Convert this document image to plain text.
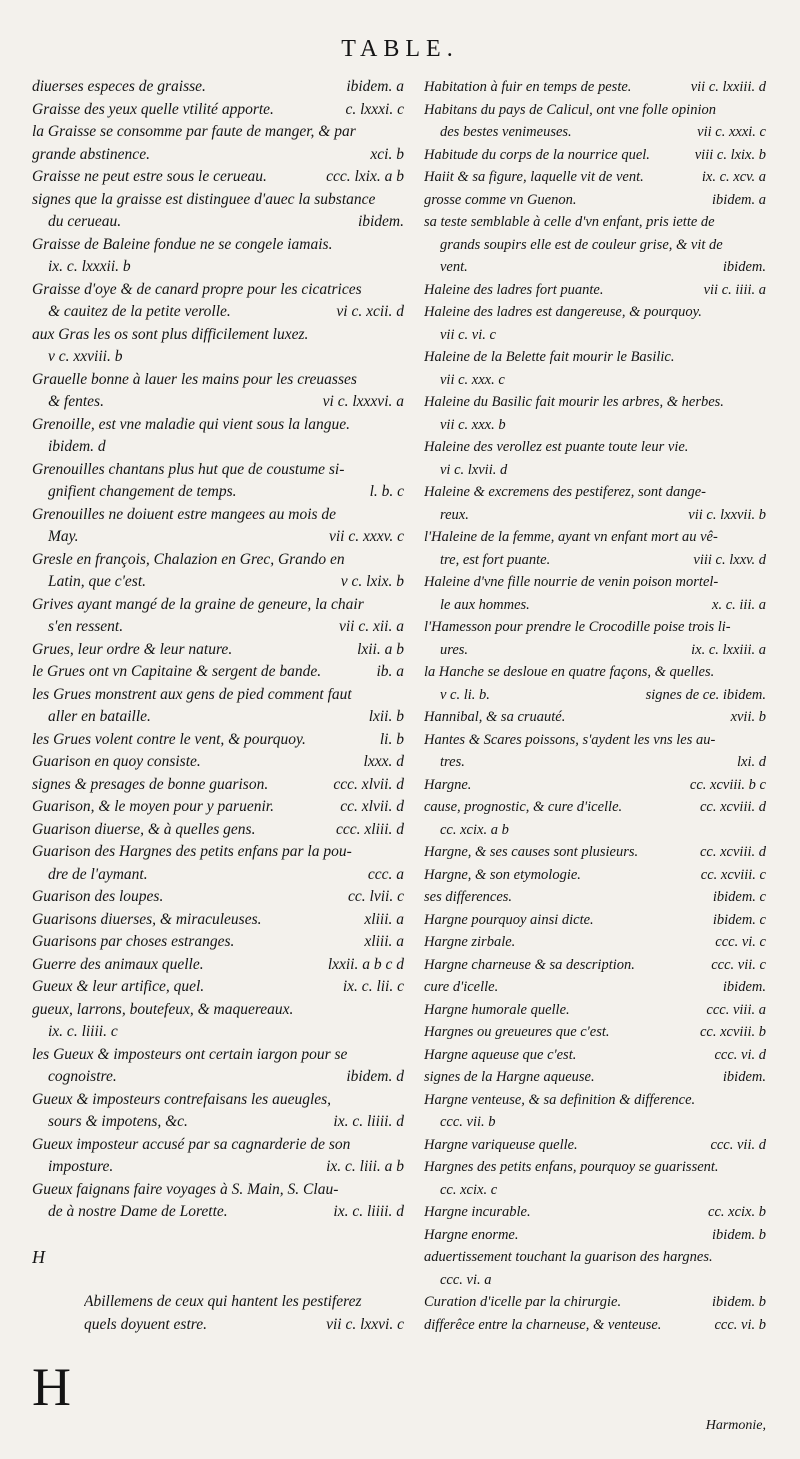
TABLE.
diuerses especes de graisse.	ibidem. a
Graisse des yeux quelle vtilité apporte.	c. lxxxi. c
la Graisse se consomme par faute de manger, & par
grande abstinence.	xci. b
Graisse ne peut estre sous le cerueau.	ccc. lxix. a b
signes que la graisse est distinguee d'auec la substance
du cerueau.	ibidem.
Graisse de Baleine fondue ne se congele iamais.
ix. c. lxxxii. b
Graisse d'oye & de canard propre pour les cicatrices
& cauitez de la petite verolle.	vi c. xcii. d
aux Gras les os sont plus difficilement luxez.
v c. xxviii. b
Grauelle bonne à lauer les mains pour les creuasses
& fentes.	vi c. lxxxvi. a
Grenoille, est vne maladie qui vient sous la langue.
ibidem. d
Grenouilles chantans plus hut que de coustume si-
gnifient changement de temps.	l. b. c
Grenouilles ne doiuent estre mangees au mois de
May.	vii c. xxxv. c
Gresle en françois, Chalazion en Grec, Grando en
Latin, que c'est.	v c. lxix. b
Grives ayant mangé de la graine de geneure, la chair
s'en ressent.	vii c. xii. a
Grues, leur ordre & leur nature.	lxii. a b
le Grues ont vn Capitaine & sergent de bande.	ib. a
les Grues monstrent aux gens de pied comment faut
aller en bataille.	lxii. b
les Grues volent contre le vent, & pourquoy.	li. b
Guarison en quoy consiste.	lxxx. d
signes & presages de bonne guarison.	ccc. xlvii. d
Guarison, & le moyen pour y paruenir.	cc. xlvii. d
Guarison diuerse, & à quelles gens.	ccc. xliii. d
Guarison des Hargnes des petits enfans par la pou-
dre de l'aymant.	ccc. a
Guarison des loupes.	cc. lvii. c
Guarisons diuerses, & miraculeuses.	xliii. a
Guarisons par choses estranges.	xliii. a
Guerre des animaux quelle.	lxxii. a b c d
Gueux & leur artifice, quel.	ix. c. lii. c
gueux, larrons, boutefeux, & maquereaux.
ix. c. liiii. c
les Gueux & imposteurs ont certain iargon pour se
cognoistre.	ibidem. d
Gueux & imposteurs contrefaisans les aueugles,
sours & impotens, &c.	ix. c. liiii. d
Gueux imposteur accusé par sa cagnarderie de son
imposture.	ix. c. liii. a b
Gueux faignans faire voyages à S. Main, S. Clau-
de à nostre Dame de Lorette.	ix. c. liiii. d
H
Abillemens de ceux qui hantent les pestiferez
quels doyuent estre.	vii c. lxxvi. c
Habitation à fuir en temps de peste.	vii c. lxxiii. d
Habitans du pays de Calicul, ont vne folle opinion
des bestes venimeuses.	vii c. xxxi. c
Habitude du corps de la nourrice quel.	viii c. lxix. b
Haiit & sa figure, laquelle vit de vent.	ix. c. xcv. a
grosse comme vn Guenon.	ibidem. a
sa teste semblable à celle d'vn enfant, pris iette de
grands soupirs elle est de couleur grise, & vit de
vent.	ibidem.
Haleine des ladres fort puante.	vii c. iiii. a
Haleine des ladres est dangereuse, & pourquoy.
vii c. vi. c
Haleine de la Belette fait mourir le Basilic.
vii c. xxx. c
Haleine du Basilic fait mourir les arbres, & herbes.
vii c. xxx. b
Haleine des verollez est puante toute leur vie.
vi c. lxvii. d
Haleine & excremens des pestiferez, sont dange-
reux.	vii c. lxxvii. b
l'Haleine de la femme, ayant vn enfant mort au vê-
tre, est fort puante.	viii c. lxxv. d
Haleine d'vne fille nourrie de venin poison mortel-
le aux hommes.	x. c. iii. a
l'Hamesson pour prendre le Crocodille poise trois li-
ures.	ix. c. lxxiii. a
la Hanche se desloue en quatre façons, & quelles.
v c. li. b.	signes de ce. ibidem.
Hannibal, & sa cruauté.	xvii. b
Hantes & Scares poissons, s'aydent les vns les au-
tres.	lxi. d
Hargne.	cc. xcviii. b c
cause, prognostic, & cure d'icelle.	cc. xcviii. d
cc. xcix. a b
Hargne, & ses causes sont plusieurs.	cc. xcviii. d
Hargne, & son etymologie.	cc. xcviii. c
ses differences.	ibidem. c
Hargne pourquoy ainsi dicte.	ibidem. c
Hargne zirbale.	ccc. vi. c
Hargne charneuse & sa description.	ccc. vii. c
cure d'icelle.	ibidem.
Hargne humorale quelle.	ccc. viii. a
Hargnes ou greueures que c'est.	cc. xcviii. b
Hargne aqueuse que c'est.	ccc. vi. d
signes de la Hargne aqueuse.	ibidem.
Hargne venteuse, & sa definition & difference.
ccc. vii. b
Hargne variqueuse quelle.	ccc. vii. d
Hargnes des petits enfans, pourquoy se guarissent.
cc. xcix. c
Hargne incurable.	cc. xcix. b
Hargne enorme.	ibidem. b
aduertissement touchant la guarison des hargnes.
ccc. vi. a
Curation d'icelle par la chirurgie.	ibidem. b
differêce entre la charneuse, & venteuse.	ccc. vi. b
H
Harmonie,
